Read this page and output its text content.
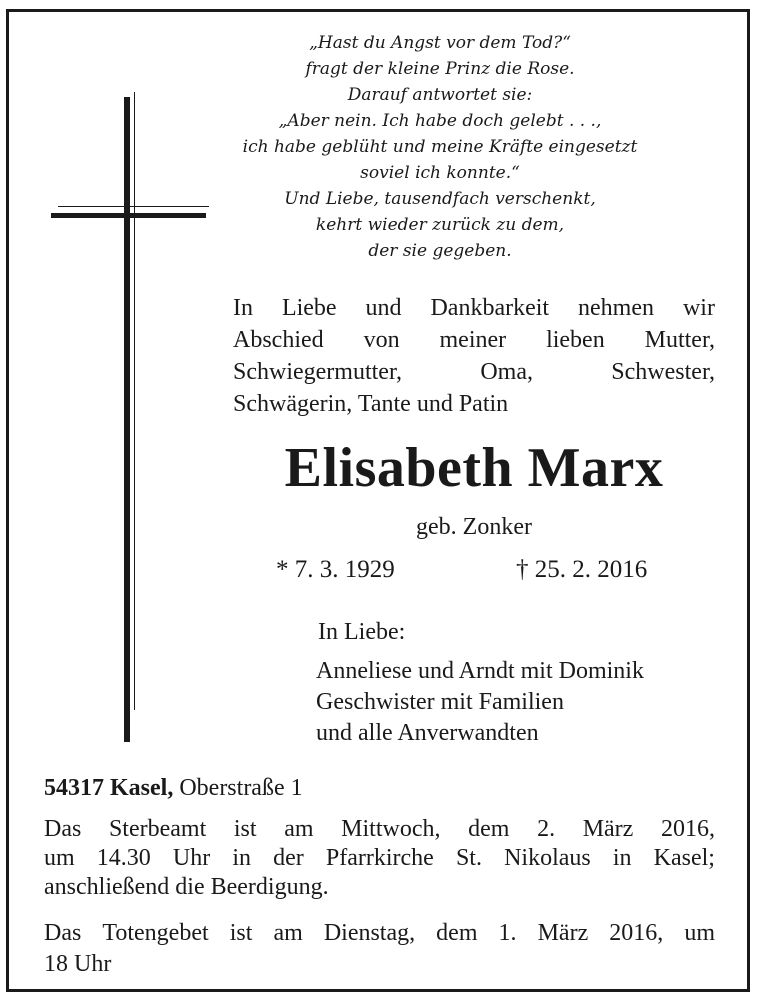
„Hast du Angst vor dem Tod?“
fragt der kleine Prinz die Rose.
Darauf antwortet sie:
„Aber nein. Ich habe doch gelebt . . .,
ich habe geblüht und meine Kräfte eingesetzt
soviel ich konnte.“
Und Liebe, tausendfach verschenkt,
kehrt wieder zurück zu dem,
der sie gegeben.
In Liebe und Dankbarkeit nehmen wir
Abschied von meiner lieben Mutter,
Schwiegermutter,	Oma,	Schwester,
Schwägerin, Tante und Patin
Elisabeth Marx
geb. Zonker
* 7. 3. 1929	† 25. 2. 2016
In Liebe:
Anneliese und Arndt mit Dominik
Geschwister mit Familien
und alle Anverwandten
54317 Kasel, Oberstraße 1
Das Sterbeamt ist am Mittwoch, dem 2. März 2016,
um 14.30 Uhr in der Pfarrkirche St. Nikolaus in Kasel;
anschließend die Beerdigung.
Das Totengebet ist am Dienstag, dem 1. März 2016, um
18 Uhr
